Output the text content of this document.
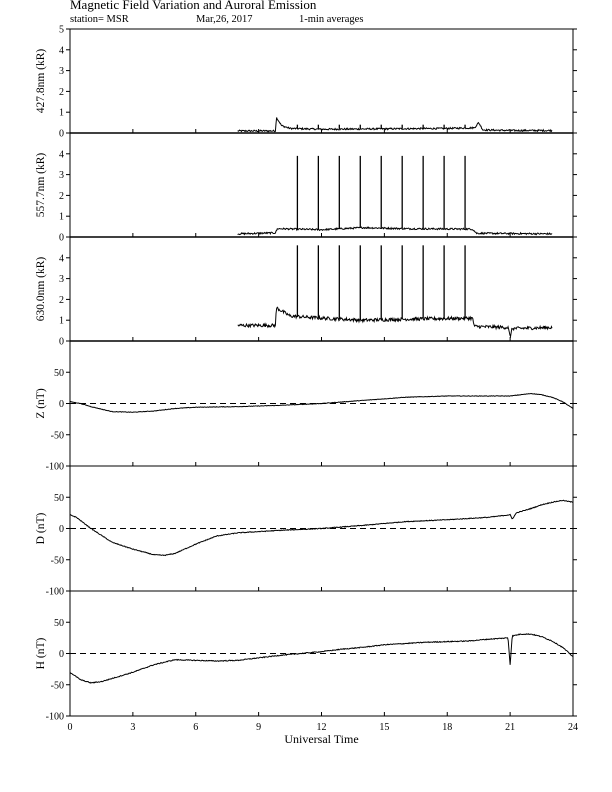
Magnetic Field Variation and Auroral Emission
station= MSR	Mar,26, 2017	1-min averages
0
1
2
3
4
5
427.8nm (kR)
0
1
2
3
4
557.7nm (kR)
0
1
2
3
4
630.0nm (kR)
-100
-50
0
50
Z (nT)
-100
-50
0
50
D (nT)
-100
-50
0
50
H (nT)
0	3	6	9	12	15	18	21	24
Universal Time
